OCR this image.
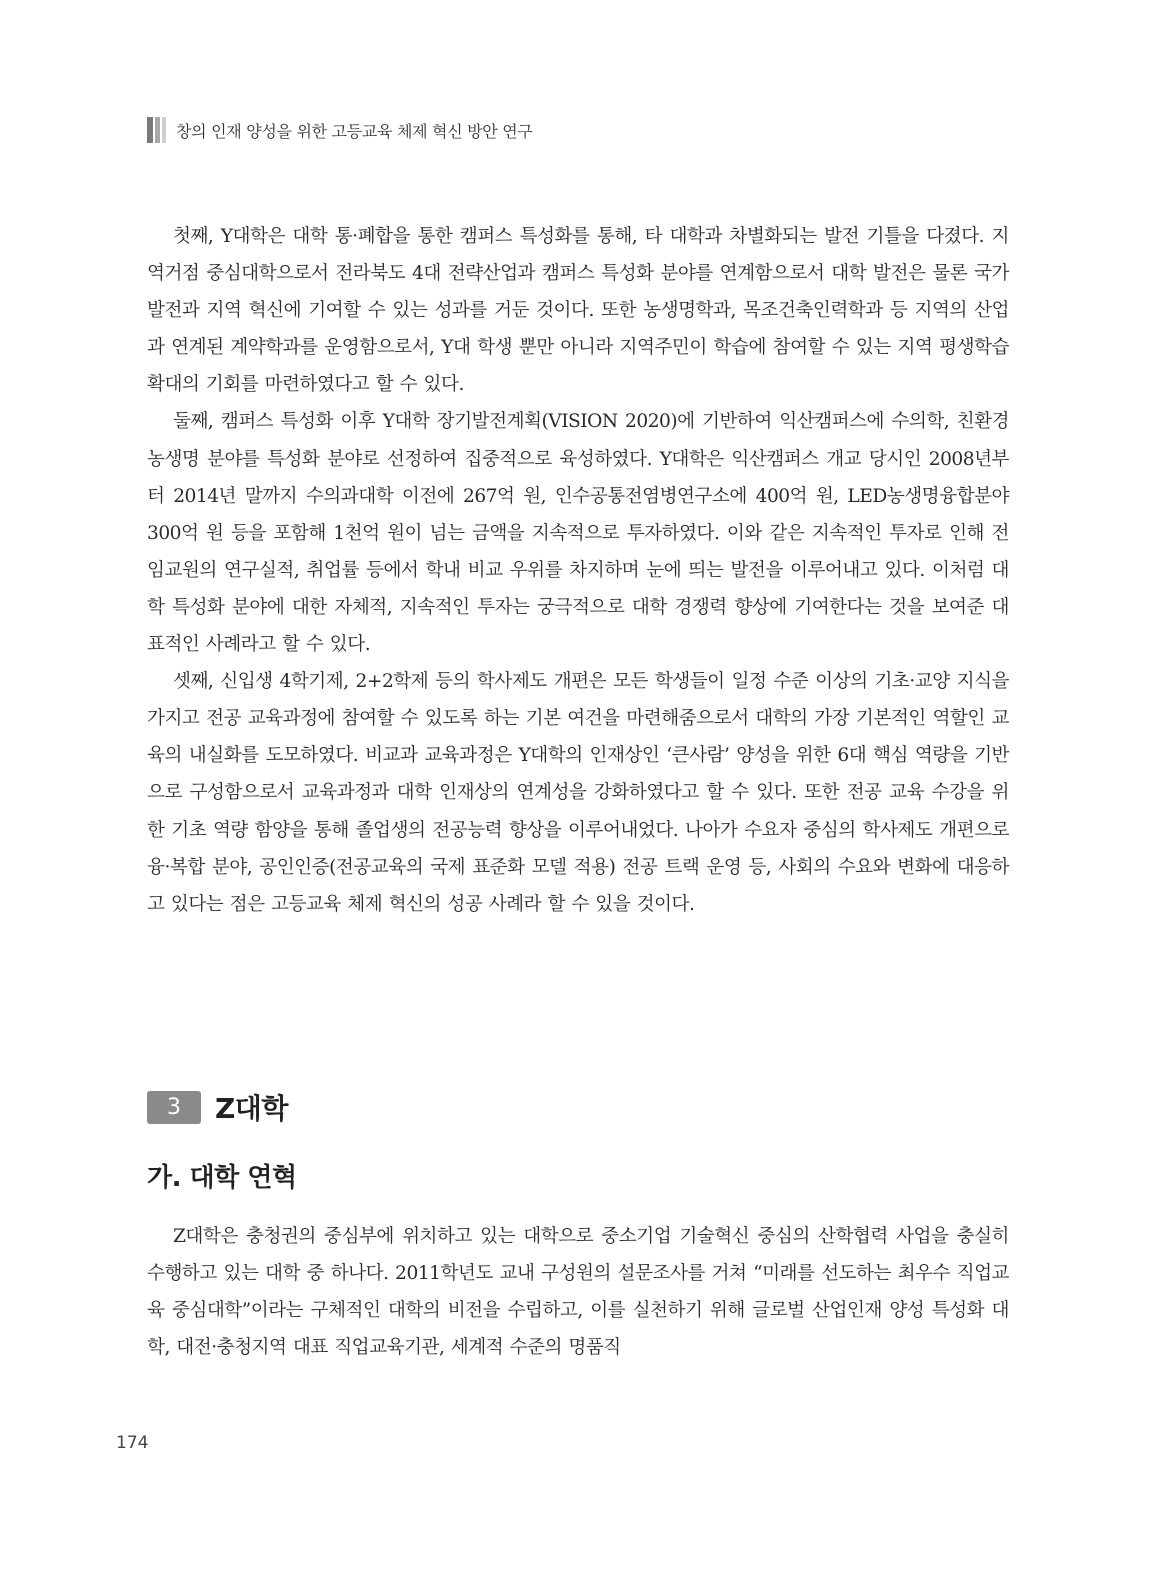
창의 인재 양성을 위한 고등교육 체제 혁신 방안 연구

첫째, Y대학은 대학 통·폐합을 통한 캠퍼스 특성화를 통해, 타 대학과 차별화되는 발전 기틀을 다졌다. 지역거점 중심대학으로서 전라북도 4대 전략산업과 캠퍼스 특성화 분야를 연계함으로서 대학 발전은 물론 국가 발전과 지역 혁신에 기여할 수 있는 성과를 거둔 것이다. 또한 농생명학과, 목조건축인력학과 등 지역의 산업과 연계된 계약학과를 운영함으로서, Y대 학생 뿐만 아니라 지역주민이 학습에 참여할 수 있는 지역 평생학습 확대의 기회를 마련하였다고 할 수 있다.

둘째, 캠퍼스 특성화 이후 Y대학 장기발전계획(VISION 2020)에 기반하여 익산캠퍼스에 수의학, 친환경농생명 분야를 특성화 분야로 선정하여 집중적으로 육성하였다. Y대학은 익산캠퍼스 개교 당시인 2008년부터 2014년 말까지 수의과대학 이전에 267억 원, 인수공통전염병연구소에 400억 원, LED농생명융합분야 300억 원 등을 포함해 1천억 원이 넘는 금액을 지속적으로 투자하였다. 이와 같은 지속적인 투자로 인해 전임교원의 연구실적, 취업률 등에서 학내 비교 우위를 차지하며 눈에 띄는 발전을 이루어내고 있다. 이처럼 대학 특성화 분야에 대한 자체적, 지속적인 투자는 궁극적으로 대학 경쟁력 향상에 기여한다는 것을 보여준 대표적인 사례라고 할 수 있다.

셋째, 신입생 4학기제, 2+2학제 등의 학사제도 개편은 모든 학생들이 일정 수준 이상의 기초·교양 지식을 가지고 전공 교육과정에 참여할 수 있도록 하는 기본 여건을 마련해줌으로서 대학의 가장 기본적인 역할인 교육의 내실화를 도모하였다. 비교과 교육과정은 Y대학의 인재상인 ‘큰사람’ 양성을 위한 6대 핵심 역량을 기반으로 구성함으로서 교육과정과 대학 인재상의 연계성을 강화하였다고 할 수 있다. 또한 전공 교육 수강을 위한 기초 역량 함양을 통해 졸업생의 전공능력 향상을 이루어내었다. 나아가 수요자 중심의 학사제도 개편으로 융·복합 분야, 공인인증(전공교육의 국제 표준화 모델 적용) 전공 트랙 운영 등, 사회의 수요와 변화에 대응하고 있다는 점은 고등교육 체제 혁신의 성공 사례라 할 수 있을 것이다.

3	Z대학
가. 대학 연혁

Z대학은 충청권의 중심부에 위치하고 있는 대학으로 중소기업 기술혁신 중심의 산학협력 사업을 충실히 수행하고 있는 대학 중 하나다. 2011학년도 교내 구성원의 설문조사를 거쳐 “미래를 선도하는 최우수 직업교육 중심대학”이라는 구체적인 대학의 비전을 수립하고, 이를 실천하기 위해 글로벌 산업인재 양성 특성화 대학, 대전·충청지역 대표 직업교육기관, 세계적 수준의 명품직

174
